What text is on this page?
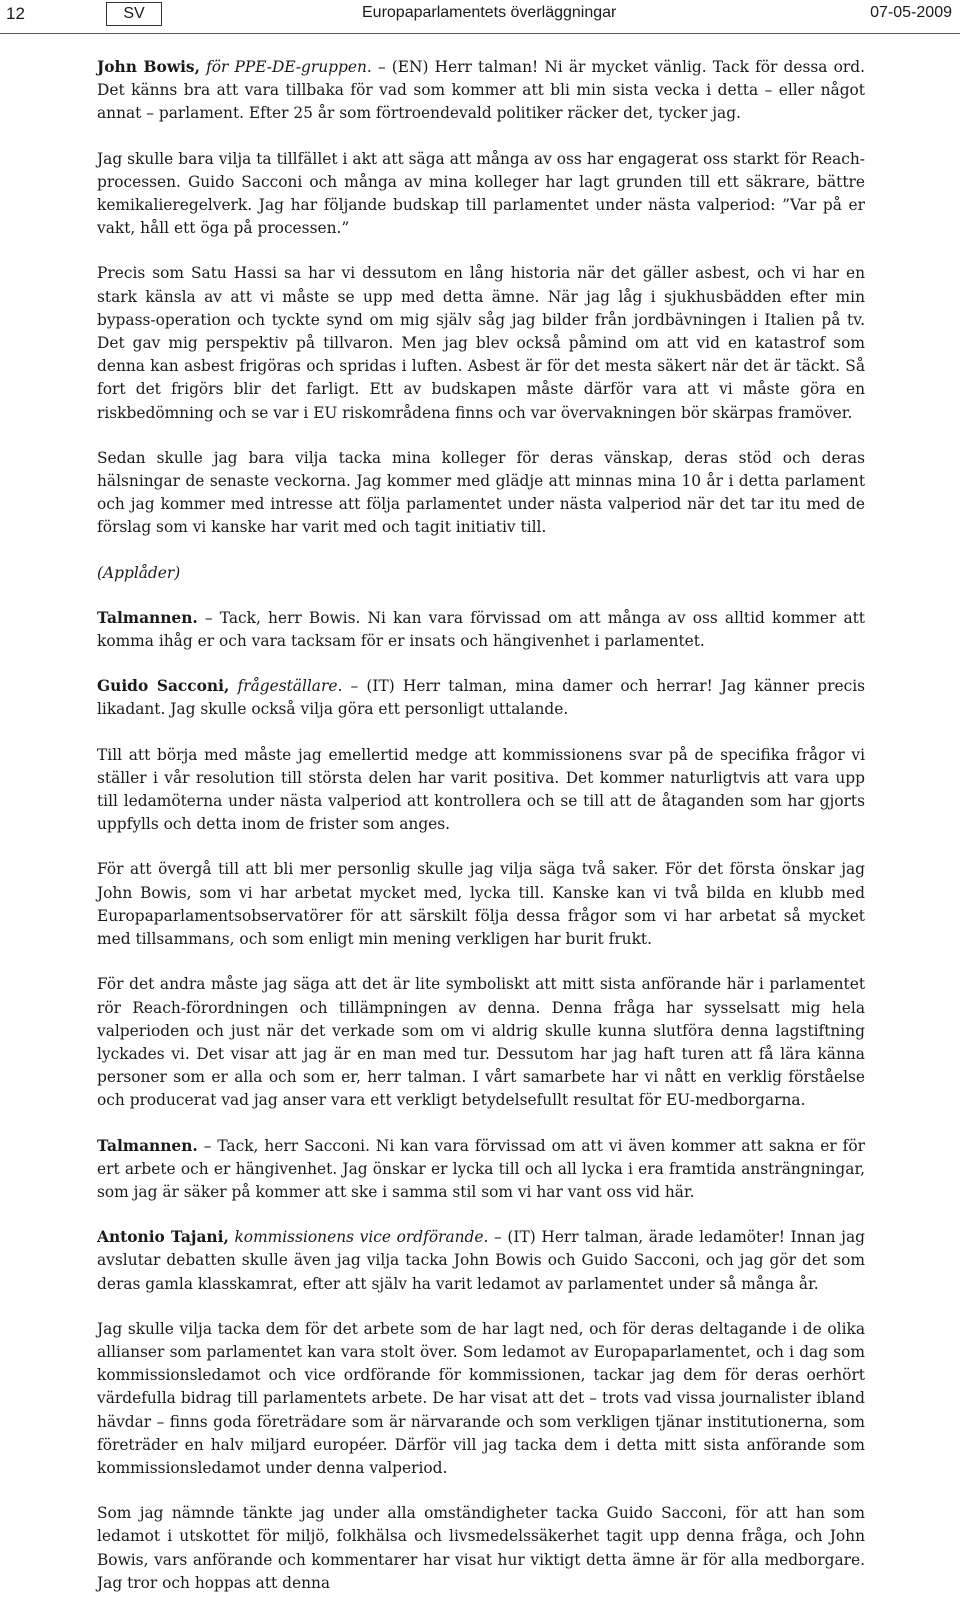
12	SV	Europaparlamentets överläggningar	07-05-2009

John Bowis, för PPE-DE-gruppen. – (EN) Herr talman! Ni är mycket vänlig. Tack för dessa ord. Det känns bra att vara tillbaka för vad som kommer att bli min sista vecka i detta – eller något annat – parlament. Efter 25 år som förtroendevald politiker räcker det, tycker jag.

Jag skulle bara vilja ta tillfället i akt att säga att många av oss har engagerat oss starkt för Reach-processen. Guido Sacconi och många av mina kolleger har lagt grunden till ett säkrare, bättre kemikalieregelverk. Jag har följande budskap till parlamentet under nästa valperiod: ”Var på er vakt, håll ett öga på processen.”

Precis som Satu Hassi sa har vi dessutom en lång historia när det gäller asbest, och vi har en stark känsla av att vi måste se upp med detta ämne. När jag låg i sjukhusbädden efter min bypass-operation och tyckte synd om mig själv såg jag bilder från jordbävningen i Italien på tv. Det gav mig perspektiv på tillvaron. Men jag blev också påmind om att vid en katastrof som denna kan asbest frigöras och spridas i luften. Asbest är för det mesta säkert när det är täckt. Så fort det frigörs blir det farligt. Ett av budskapen måste därför vara att vi måste göra en riskbedömning och se var i EU riskområdena finns och var övervakningen bör skärpas framöver.

Sedan skulle jag bara vilja tacka mina kolleger för deras vänskap, deras stöd och deras hälsningar de senaste veckorna. Jag kommer med glädje att minnas mina 10 år i detta parlament och jag kommer med intresse att följa parlamentet under nästa valperiod när det tar itu med de förslag som vi kanske har varit med och tagit initiativ till.

(Applåder)

Talmannen. – Tack, herr Bowis. Ni kan vara förvissad om att många av oss alltid kommer att komma ihåg er och vara tacksam för er insats och hängivenhet i parlamentet.

Guido Sacconi, frågeställare. – (IT) Herr talman, mina damer och herrar! Jag känner precis likadant. Jag skulle också vilja göra ett personligt uttalande.

Till att börja med måste jag emellertid medge att kommissionens svar på de specifika frågor vi ställer i vår resolution till största delen har varit positiva. Det kommer naturligtvis att vara upp till ledamöterna under nästa valperiod att kontrollera och se till att de åtaganden som har gjorts uppfylls och detta inom de frister som anges.

För att övergå till att bli mer personlig skulle jag vilja säga två saker. För det första önskar jag John Bowis, som vi har arbetat mycket med, lycka till. Kanske kan vi två bilda en klubb med Europaparlamentsobservatörer för att särskilt följa dessa frågor som vi har arbetat så mycket med tillsammans, och som enligt min mening verkligen har burit frukt.

För det andra måste jag säga att det är lite symboliskt att mitt sista anförande här i parlamentet rör Reach-förordningen och tillämpningen av denna. Denna fråga har sysselsatt mig hela valperioden och just när det verkade som om vi aldrig skulle kunna slutföra denna lagstiftning lyckades vi. Det visar att jag är en man med tur. Dessutom har jag haft turen att få lära känna personer som er alla och som er, herr talman. I vårt samarbete har vi nått en verklig förståelse och producerat vad jag anser vara ett verkligt betydelsefullt resultat för EU-medborgarna.

Talmannen. – Tack, herr Sacconi. Ni kan vara förvissad om att vi även kommer att sakna er för ert arbete och er hängivenhet. Jag önskar er lycka till och all lycka i era framtida ansträngningar, som jag är säker på kommer att ske i samma stil som vi har vant oss vid här.

Antonio Tajani, kommissionens vice ordförande. – (IT) Herr talman, ärade ledamöter! Innan jag avslutar debatten skulle även jag vilja tacka John Bowis och Guido Sacconi, och jag gör det som deras gamla klasskamrat, efter att själv ha varit ledamot av parlamentet under så många år.

Jag skulle vilja tacka dem för det arbete som de har lagt ned, och för deras deltagande i de olika allianser som parlamentet kan vara stolt över. Som ledamot av Europaparlamentet, och i dag som kommissionsledamot och vice ordförande för kommissionen, tackar jag dem för deras oerhört värdefulla bidrag till parlamentets arbete. De har visat att det – trots vad vissa journalister ibland hävdar – finns goda företrädare som är närvarande och som verkligen tjänar institutionerna, som företräder en halv miljard européer. Därför vill jag tacka dem i detta mitt sista anförande som kommissionsledamot under denna valperiod.

Som jag nämnde tänkte jag under alla omständigheter tacka Guido Sacconi, för att han som ledamot i utskottet för miljö, folkhälsa och livsmedelssäkerhet tagit upp denna fråga, och John Bowis, vars anförande och kommentarer har visat hur viktigt detta ämne är för alla medborgare. Jag tror och hoppas att denna
